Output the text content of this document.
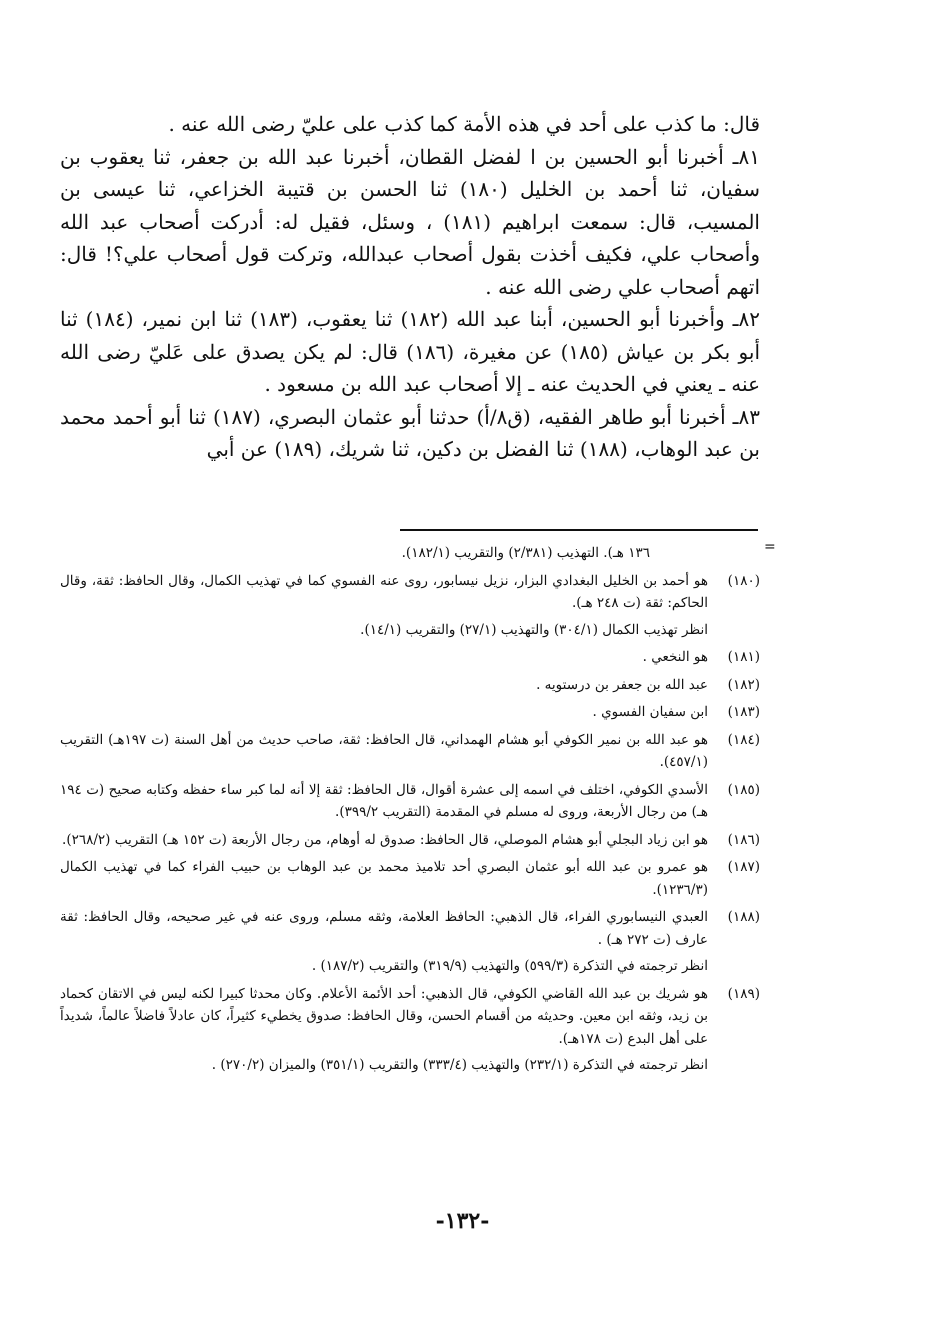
قال: ما كذب على أحد في هذه الأمة كما كذب على عليّ رضى الله عنه .

٨١ـ أخبرنا أبو الحسين بن ا لفضل القطان، أخبرنا عبد الله بن جعفر، ثنا يعقوب بن سفيان، ثنا أحمد بن الخليل (١٨٠) ثنا الحسن بن قتيبة الخزاعي، ثنا عيسى بن المسيب، قال: سمعت ابراهيم (١٨١) ، وسئل، فقيل له: أدركت أصحاب عبد الله وأصحاب علي، فكيف أخذت بقول أصحاب عبدالله، وتركت قول أصحاب علي؟! قال: اتهم أصحاب علي رضى الله عنه .

٨٢ـ وأخبرنا أبو الحسين، أبنا عبد الله (١٨٢) ثنا يعقوب، (١٨٣) ثنا ابن نمير، (١٨٤) ثنا أبو بكر بن عياش (١٨٥) عن مغيرة، (١٨٦) قال: لم يكن يصدق على عَليّ رضى الله عنه ـ يعني في الحديث عنه ـ إلا أصحاب عبد الله بن مسعود .

٨٣ـ أخبرنا أبو طاهر الفقيه، (ق٨/أ) حدثنا أبو عثمان البصري، (١٨٧) ثنا أبو أحمد محمد بن عبد الوهاب، (١٨٨) ثنا الفضل بن دكين، ثنا شريك، (١٨٩) عن أبي

=
١٣٦ هـ). التهذيب (٢/٣٨١) والتقريب (١٨٢/١).
(١٨٠)
هو أحمد بن الخليل البغدادي البزار، نزيل نيسابور، روى عنه الفسوي كما في تهذيب الكمال، وقال الحافظ: ثقة، وقال الحاكم: ثقة (ت ٢٤٨ هـ).
انظر تهذيب الكمال (٣٠٤/١) والتهذيب (٢٧/١) والتقريب (١٤/١).
(١٨١)
هو النخعي .
(١٨٢)
عبد الله بن جعفر بن درستويه .
(١٨٣)
ابن سفيان الفسوي .
(١٨٤)
هو عبد الله بن نمير الكوفي أبو هشام الهمداني، قال الحافظ: ثقة، صاحب حديث من أهل السنة (ت ١٩٧هـ) التقريب (٤٥٧/١).
(١٨٥)
الأسدي الكوفي، اختلف في اسمه إلى عشرة أقوال، قال الحافظ: ثقة إلا أنه لما كبر ساء حفظه وكتابه صحيح (ت ١٩٤ هـ) من رجال الأربعة، وروى له مسلم في المقدمة (التقريب ٣٩٩/٢).
(١٨٦)
هو ابن زياد البجلي أبو هشام الموصلي، قال الحافظ: صدوق له أوهام، من رجال الأربعة (ت ١٥٢ هـ) التقريب (٢٦٨/٢).
(١٨٧)
هو عمرو بن عبد الله أبو عثمان البصري أحد تلاميذ محمد بن عبد الوهاب بن حبيب الفراء كما في تهذيب الكمال (١٢٣٦/٣).
(١٨٨)
العبدي النيسابوري الفراء، قال الذهبي: الحافظ العلامة، وثقه مسلم، وروى عنه في غير صحيحه، وقال الحافظ: ثقة عارف (ت ٢٧٢ هـ) .
انظر ترجمته في التذكرة (٥٩٩/٣) والتهذيب (٣١٩/٩) والتقريب (١٨٧/٢) .
(١٨٩)
هو شريك بن عبد الله القاضي الكوفي، قال الذهبي: أحد الأئمة الأعلام. وكان محدثا كبيرا لكنه ليس في الاتقان كحماد بن زيد، وثقه ابن معين. وحديثه من أقسام الحسن، وقال الحافظ: صدوق يخطيء كثيراً، كان عادلاً فاضلاً عالماً، شديداً على أهل البدع (ت ١٧٨هـ).
انظر ترجمته في التذكرة (٢٣٢/١) والتهذيب (٣٣٣/٤) والتقريب (٣٥١/١) والميزان (٢٧٠/٢) .
-١٣٢-
